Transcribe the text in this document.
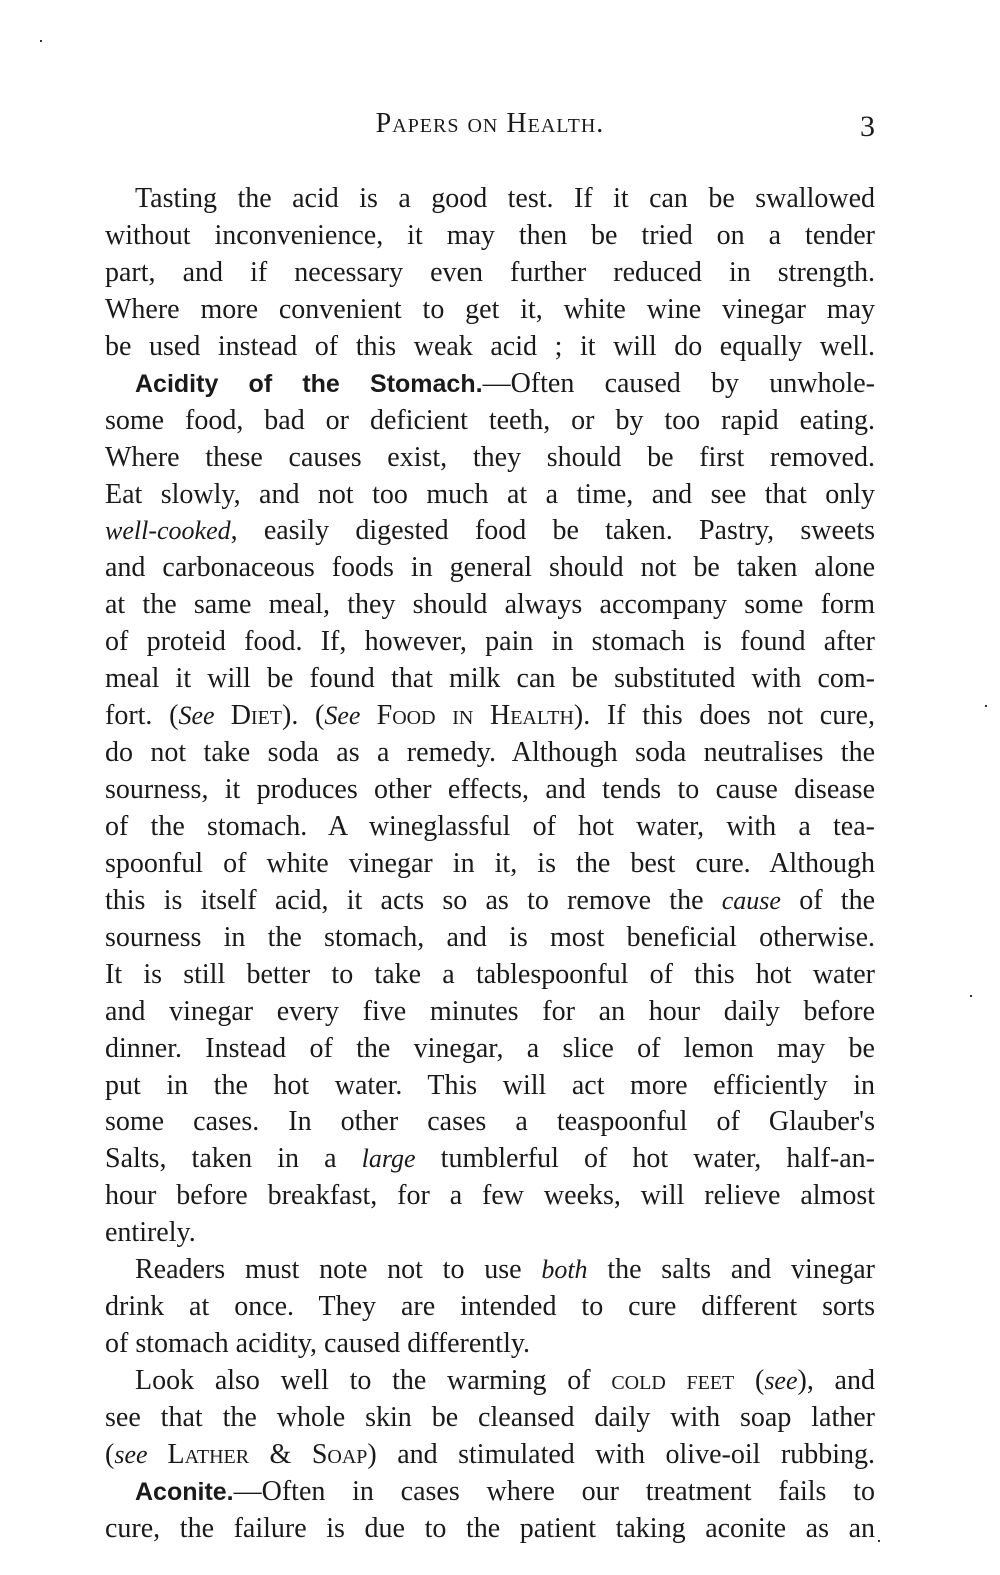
Papers on Health.	3
Tasting the acid is a good test. If it can be swallowed
without inconvenience, it may then be tried on a tender
part, and if necessary even further reduced in strength.
Where more convenient to get it, white wine vinegar may
be used instead of this weak acid ; it will do equally well.
Acidity of the Stomach.—Often caused by unwhole-
some food, bad or deficient teeth, or by too rapid eating.
Where these causes exist, they should be first removed.
Eat slowly, and not too much at a time, and see that only
well-cooked, easily digested food be taken. Pastry, sweets
and carbonaceous foods in general should not be taken alone
at the same meal, they should always accompany some form
of proteid food. If, however, pain in stomach is found after
meal it will be found that milk can be substituted with com-
fort. (See Diet). (See Food in Health). If this does not cure,
do not take soda as a remedy. Although soda neutralises the
sourness, it produces other effects, and tends to cause disease
of the stomach. A wineglassful of hot water, with a tea-
spoonful of white vinegar in it, is the best cure. Although
this is itself acid, it acts so as to remove the cause of the
sourness in the stomach, and is most beneficial otherwise.
It is still better to take a tablespoonful of this hot water
and vinegar every five minutes for an hour daily before
dinner. Instead of the vinegar, a slice of lemon may be
put in the hot water. This will act more efficiently in
some cases. In other cases a teaspoonful of Glauber's
Salts, taken in a large tumblerful of hot water, half-an-
hour before breakfast, for a few weeks, will relieve almost
entirely.
Readers must note not to use both the salts and vinegar
drink at once. They are intended to cure different sorts
of stomach acidity, caused differently.
Look also well to the warming of cold feet (see), and
see that the whole skin be cleansed daily with soap lather
(see Lather & Soap) and stimulated with olive-oil rubbing.
Aconite.—Often in cases where our treatment fails to
cure, the failure is due to the patient taking aconite as an
